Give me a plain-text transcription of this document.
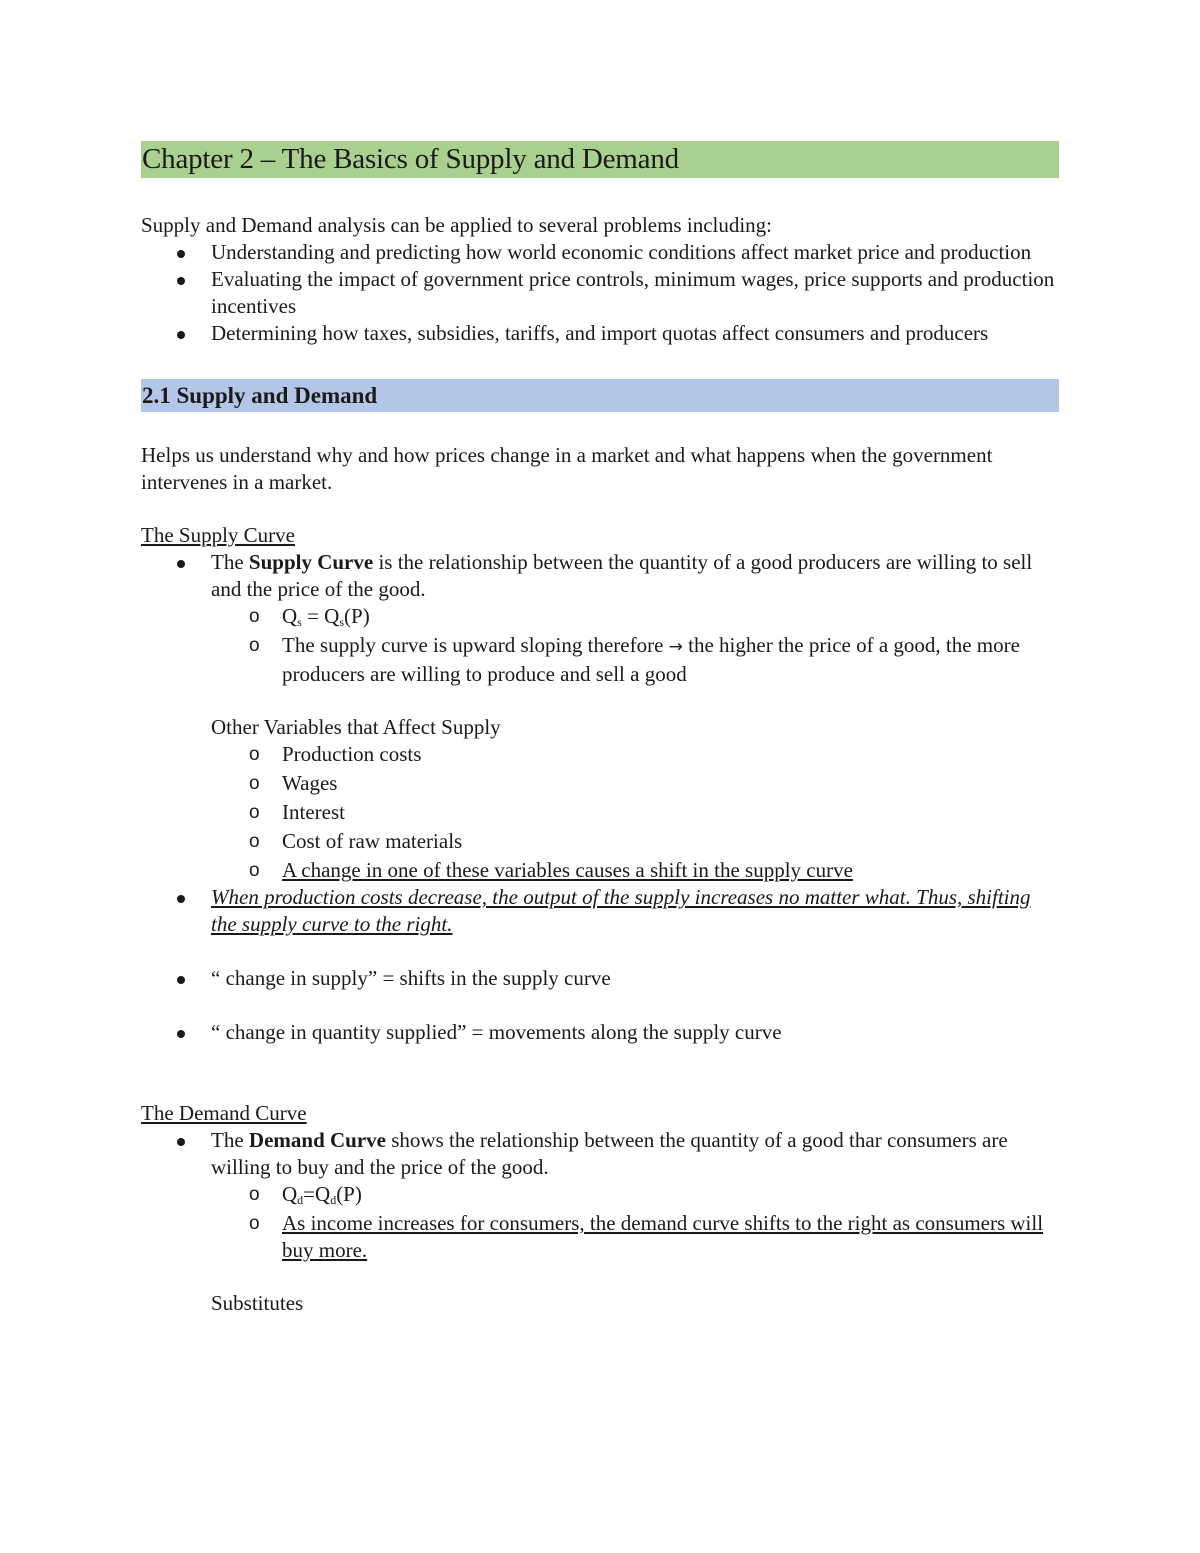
Chapter 2 – The Basics of Supply and Demand

Supply and Demand analysis can be applied to several problems including:

Understanding and predicting how world economic conditions affect market price and production
Evaluating the impact of government price controls, minimum wages, price supports and production incentives
Determining how taxes, subsidies, tariffs, and import quotas affect consumers and producers
2.1 Supply and Demand

Helps us understand why and how prices change in a market and what happens when the government intervenes in a market.

The Supply Curve

The Supply Curve is the relationship between the quantity of a good producers are willing to sell and the price of the good.
o $Q_s = Q_s(P)$
o The supply curve is upward sloping therefore → the higher the price of a good, the more producers are willing to produce and sell a good

Other Variables that Affect Supply

o Production costs
o Wages
o Interest
o Cost of raw materials
o A change in one of these variables causes a shift in the supply curve
When production costs decrease, the output of the supply increases no matter what. Thus, shifting the supply curve to the right.
“ change in supply” = shifts in the supply curve
“ change in quantity supplied” = movements along the supply curve

The Demand Curve

The Demand Curve shows the relationship between the quantity of a good thar consumers are willing to buy and the price of the good.
o $Q_d=Q_d(P)$
o As income increases for consumers, the demand curve shifts to the right as consumers will buy more.

Substitutes
